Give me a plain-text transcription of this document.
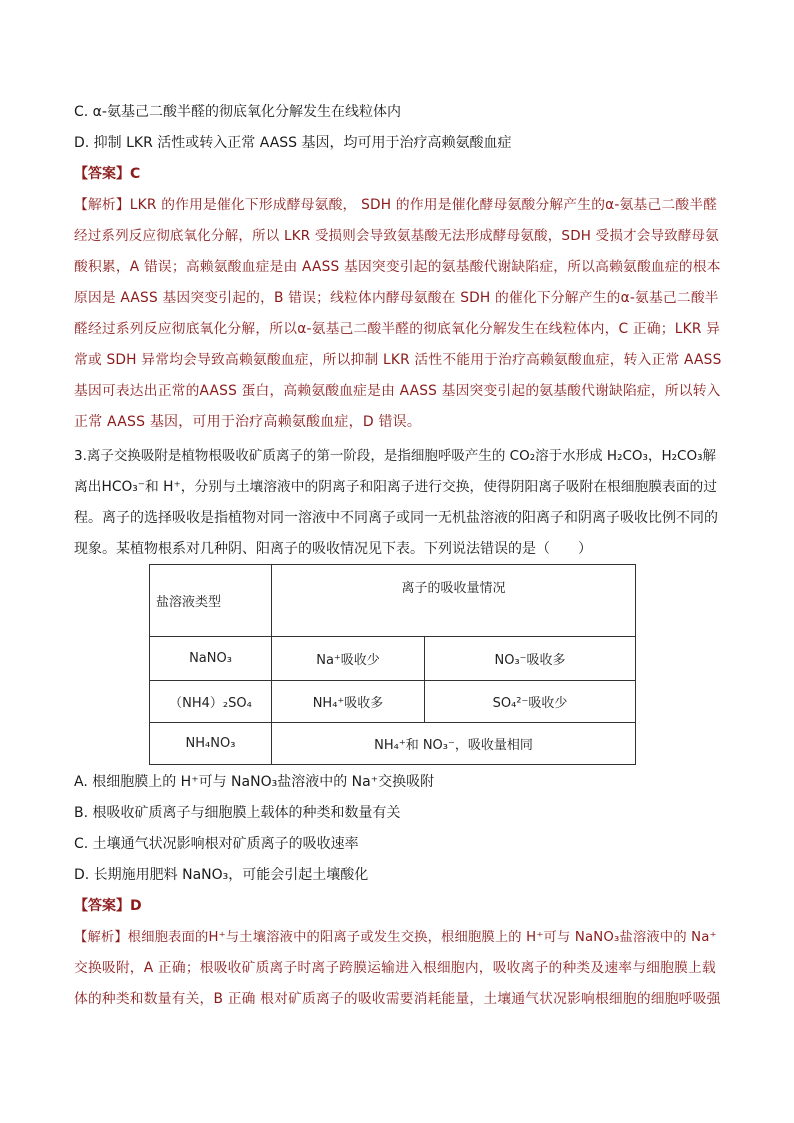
C. α-氨基己二酸半醛的彻底氧化分解发生在线粒体内
D. 抑制 LKR 活性或转入正常 AASS 基因，均可用于治疗高赖氨酸血症
【答案】C
【解析】LKR 的作用是催化下形成酵母氨酸， SDH 的作用是催化酵母氨酸分解产生的α-氨基己二酸半醛
经过系列反应彻底氧化分解，所以 LKR 受损则会导致氨基酸无法形成酵母氨酸，SDH 受损才会导致酵母氨
酸积累，A 错误；高赖氨酸血症是由 AASS 基因突变引起的氨基酸代谢缺陷症，所以高赖氨酸血症的根本
原因是 AASS 基因突变引起的，B 错误；线粒体内酵母氨酸在 SDH 的催化下分解产生的α-氨基己二酸半
醛经过系列反应彻底氧化分解，所以α-氨基己二酸半醛的彻底氧化分解发生在线粒体内，C 正确；LKR 异
常或 SDH 异常均会导致高赖氨酸血症，所以抑制 LKR 活性不能用于治疗高赖氨酸血症，转入正常 AASS
基因可表达出正常的AASS 蛋白，高赖氨酸血症是由 AASS 基因突变引起的氨基酸代谢缺陷症，所以转入
正常 AASS 基因，可用于治疗高赖氨酸血症，D 错误。
3.离子交换吸附是植物根吸收矿质离子的第一阶段，是指细胞呼吸产生的 CO₂溶于水形成 H₂CO₃，H₂CO₃解
离出HCO₃⁻和 H⁺，分别与土壤溶液中的阴离子和阳离子进行交换，使得阴阳离子吸附在根细胞膜表面的过
程。离子的选择吸收是指植物对同一溶液中不同离子或同一无机盐溶液的阳离子和阴离子吸收比例不同的
现象。某植物根系对几种阴、阳离子的吸收情况见下表。下列说法错误的是（　　）
盐溶液类型	离子的吸收量情况	
NaNO₃	Na⁺吸收少	NO₃⁻吸收多
（NH4）₂SO₄	NH₄⁺吸收多	SO₄²⁻吸收少
NH₄NO₃	NH₄⁺和 NO₃⁻，吸收量相同	
A. 根细胞膜上的 H⁺可与 NaNO₃盐溶液中的 Na⁺交换吸附
B. 根吸收矿质离子与细胞膜上载体的种类和数量有关
C. 土壤通气状况影响根对矿质离子的吸收速率
D. 长期施用肥料 NaNO₃，可能会引起土壤酸化
【答案】D
【解析】根细胞表面的H⁺与土壤溶液中的阳离子或发生交换，根细胞膜上的 H⁺可与 NaNO₃盐溶液中的 Na⁺
交换吸附，A 正确；根吸收矿质离子时离子跨膜运输进入根细胞内，吸收离子的种类及速率与细胞膜上载
体的种类和数量有关，B 正确 根对矿质离子的吸收需要消耗能量，土壤通气状况影响根细胞的细胞呼吸强
